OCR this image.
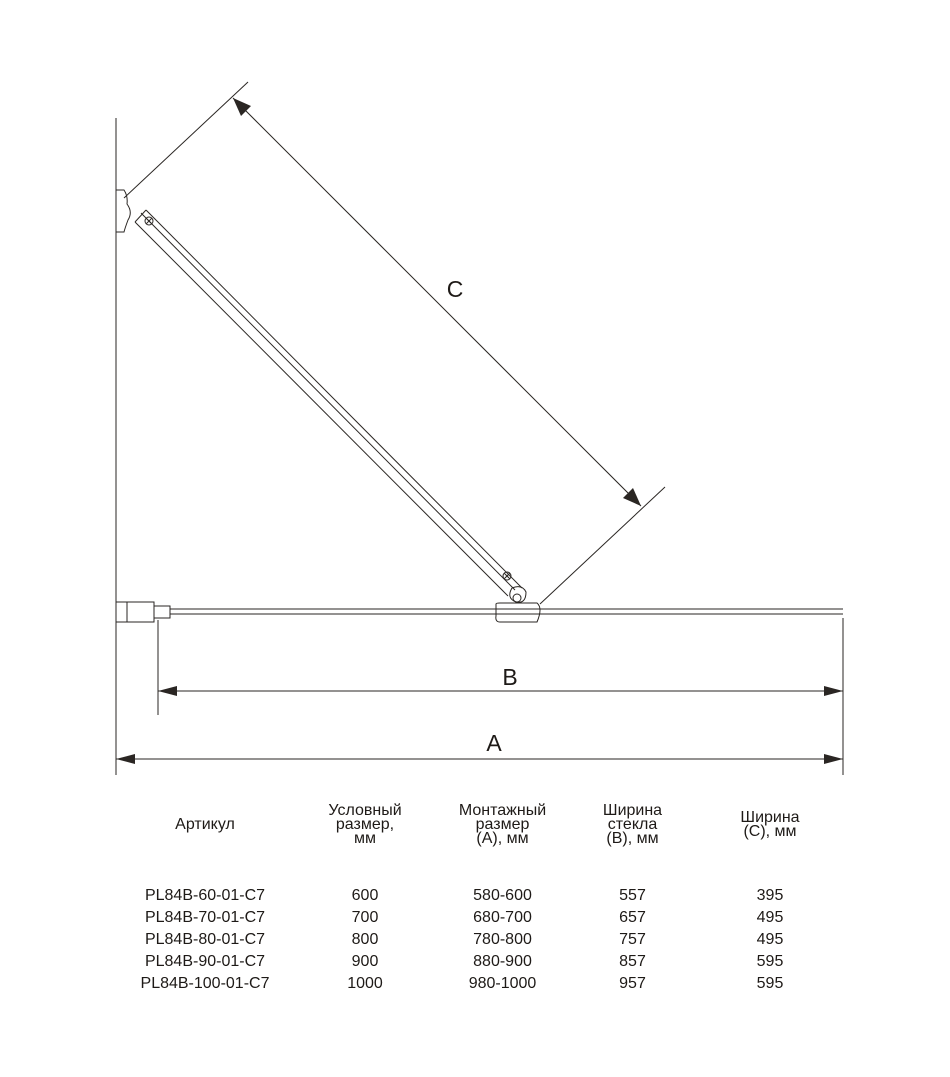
C
B
A
Артикул	Условный
размер,
мм	Монтажный
размер
(А), мм	Ширина
стекла
(В), мм	Ширина
(С), мм

PL84B-60-01-C7	600	580-600	557	395
PL84B-70-01-C7	700	680-700	657	495
PL84B-80-01-C7	800	780-800	757	495
PL84B-90-01-C7	900	880-900	857	595
PL84B-100-01-C7	1000	980-1000	957	595
